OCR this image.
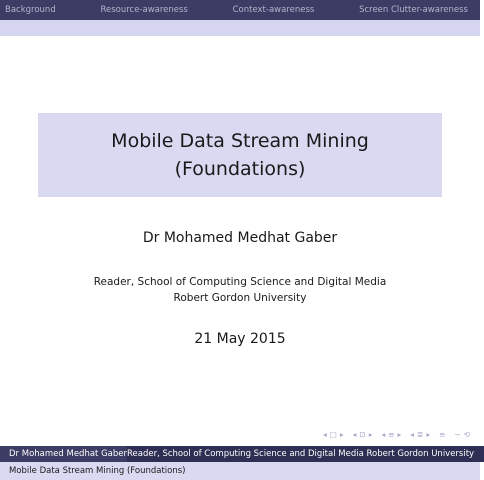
Background	Resource-awareness	Context-awareness	Screen Clutter-awareness
Mobile Data Stream Mining
(Foundations)
Dr Mohamed Medhat Gaber
Reader, School of Computing Science and Digital Media
Robert Gordon University
21 May 2015
◂ □ ▸ ◂ ⊡ ▸ ◂ ≡ ▸ ◂ ≣ ▸ ≡ ∽ ⟲
Dr Mohamed Medhat Gaber Reader, School of Computing Science and Digital Media Robert Gordon University
Mobile Data Stream Mining (Foundations)
